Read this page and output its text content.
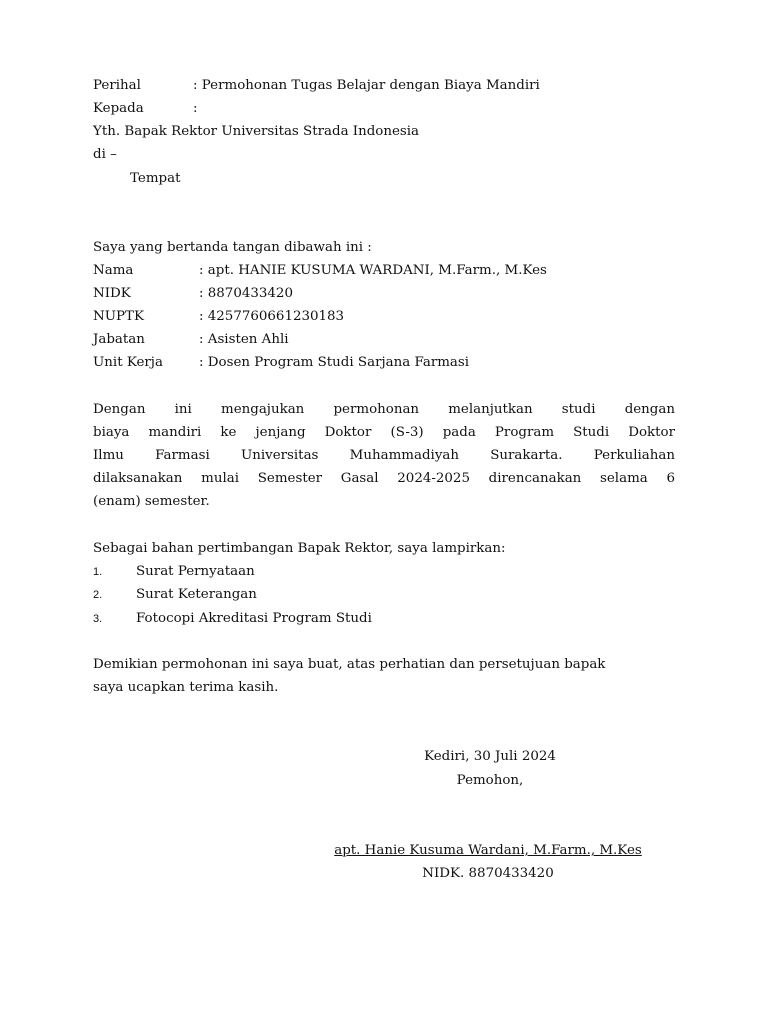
Perihal	: Permohonan Tugas Belajar dengan Biaya Mandiri
Kepada	:
Yth. Bapak Rektor Universitas Strada Indonesia
di –
Tempat
Saya yang bertanda tangan dibawah ini :
Nama	: apt. HANIE KUSUMA WARDANI, M.Farm., M.Kes
NIDK	: 8870433420
NUPTK	: 4257760661230183
Jabatan	: Asisten Ahli
Unit Kerja	: Dosen Program Studi Sarjana Farmasi
Dengan ini mengajukan permohonan melanjutkan studi dengan
biaya mandiri ke jenjang Doktor (S-3) pada Program Studi Doktor
Ilmu Farmasi Universitas Muhammadiyah Surakarta. Perkuliahan
dilaksanakan mulai Semester Gasal 2024-2025 direncanakan selama 6
(enam) semester.
Sebagai bahan pertimbangan Bapak Rektor, saya lampirkan:
1.	Surat Pernyataan
2.	Surat Keterangan
3.	Fotocopi Akreditasi Program Studi
Demikian permohonan ini saya buat, atas perhatian dan persetujuan bapak
saya ucapkan terima kasih.
Kediri, 30 Juli 2024
Pemohon,
apt. Hanie Kusuma Wardani, M.Farm., M.Kes
NIDK. 8870433420
